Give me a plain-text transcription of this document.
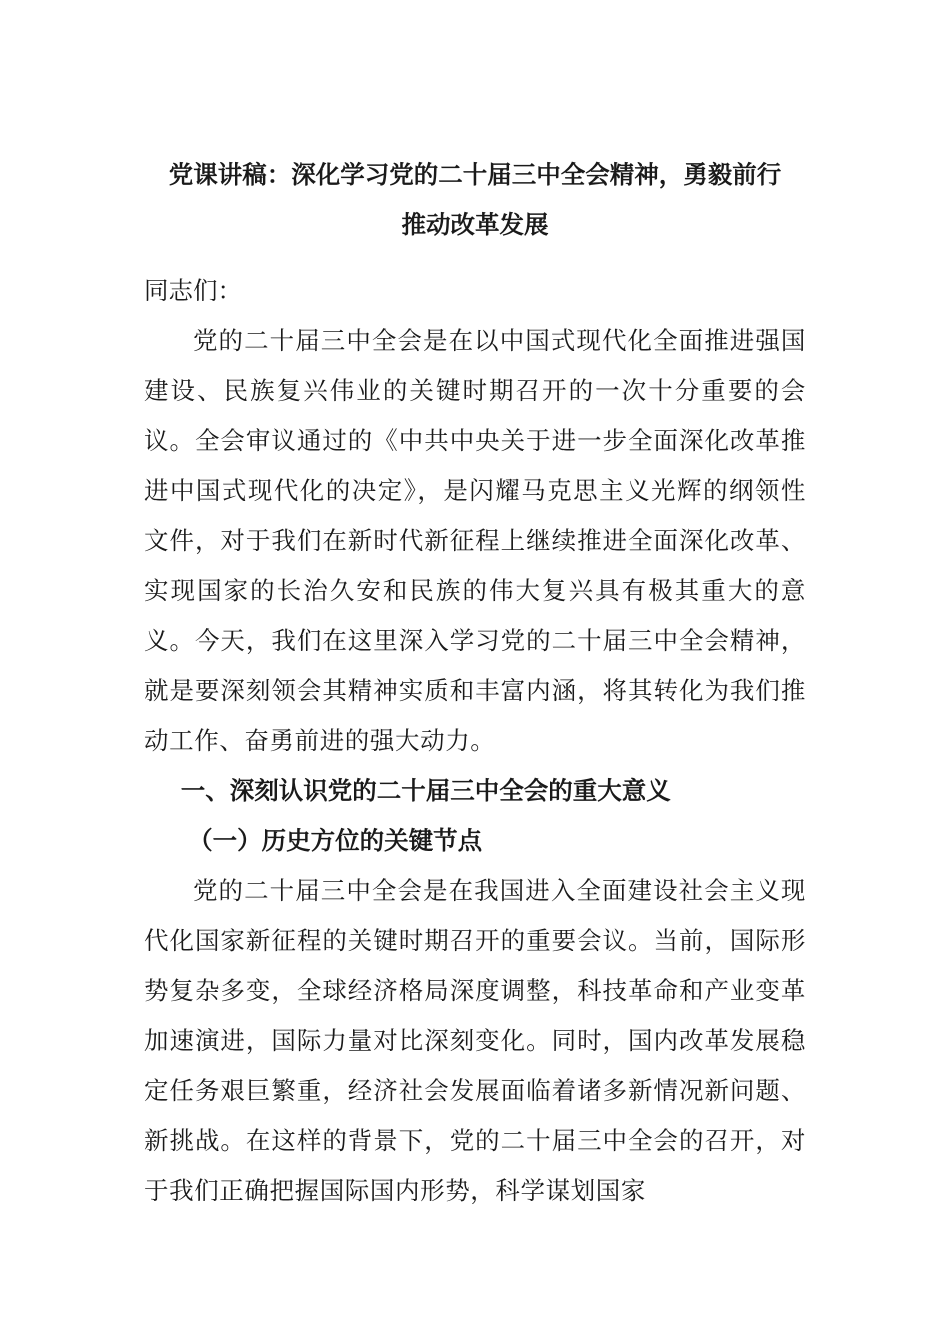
党课讲稿：深化学习党的二十届三中全会精神，勇毅前行
推动改革发展

同志们：

党的二十届三中全会是在以中国式现代化全面推进强国建设、民族复兴伟业的关键时期召开的一次十分重要的会议。全会审议通过的《中共中央关于进一步全面深化改革推进中国式现代化的决定》，是闪耀马克思主义光辉的纲领性文件，对于我们在新时代新征程上继续推进全面深化改革、实现国家的长治久安和民族的伟大复兴具有极其重大的意义。今天，我们在这里深入学习党的二十届三中全会精神，就是要深刻领会其精神实质和丰富内涵，将其转化为我们推动工作、奋勇前进的强大动力。

一、深刻认识党的二十届三中全会的重大意义

（一）历史方位的关键节点

党的二十届三中全会是在我国进入全面建设社会主义现代化国家新征程的关键时期召开的重要会议。当前，国际形势复杂多变，全球经济格局深度调整，科技革命和产业变革加速演进，国际力量对比深刻变化。同时，国内改革发展稳定任务艰巨繁重，经济社会发展面临着诸多新情况新问题、新挑战。在这样的背景下，党的二十届三中全会的召开，对于我们正确把握国际国内形势，科学谋划国家
